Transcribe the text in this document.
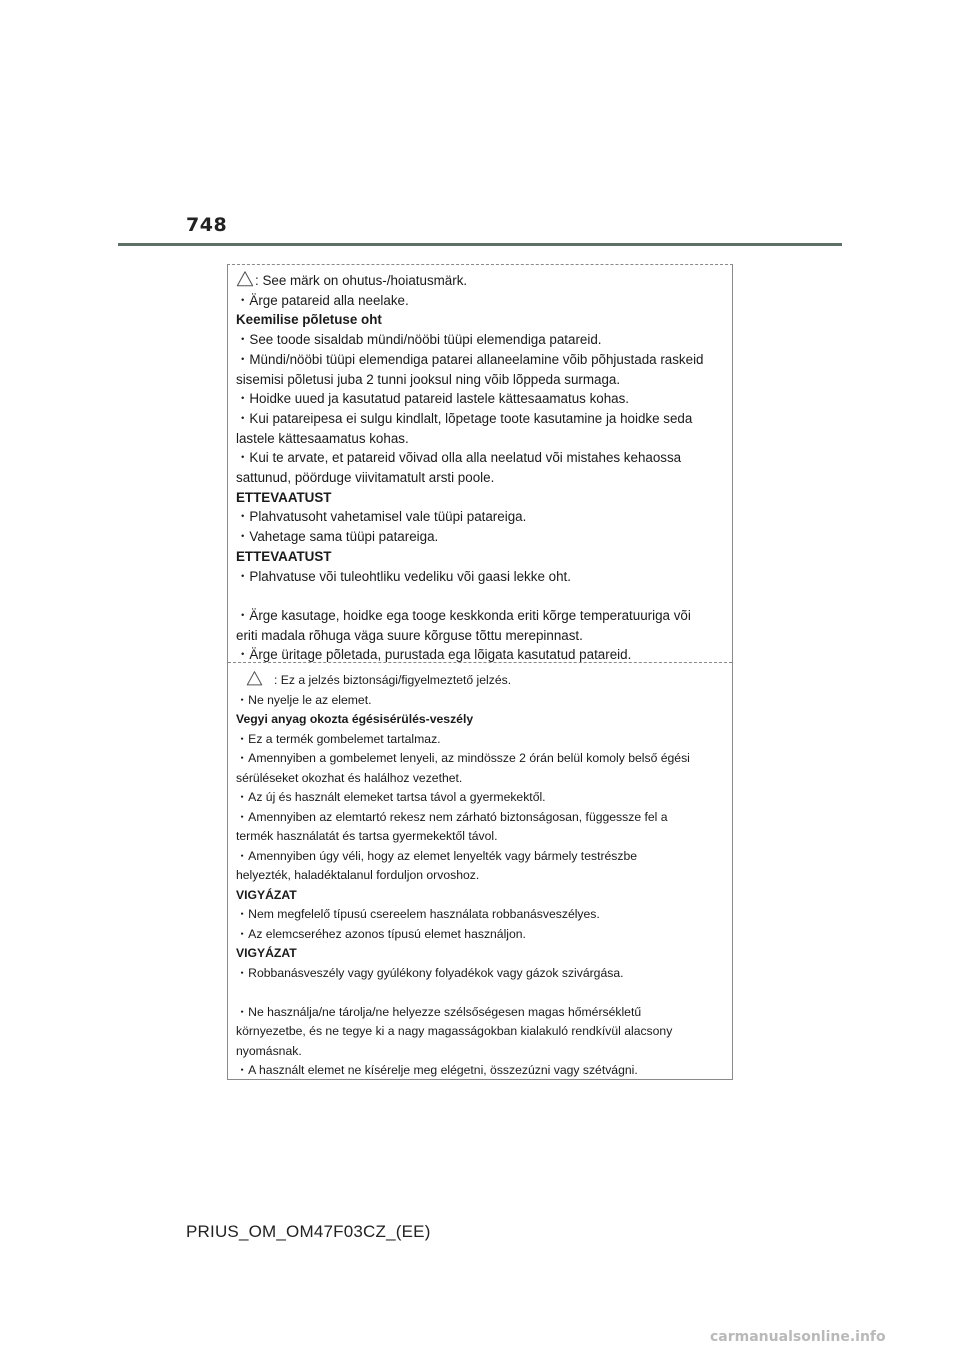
748

: See märk on ohutus-/hoiatusmärk.

・Ärge patareid alla neelake.

Keemilise põletuse oht

・See toode sisaldab mündi/nööbi tüüpi elemendiga patareid.

・Mündi/nööbi tüüpi elemendiga patarei allaneelamine võib põhjustada raskeid

sisemisi põletusi juba 2 tunni jooksul ning võib lõppeda surmaga.

・Hoidke uued ja kasutatud patareid lastele kättesaamatus kohas.

・Kui patareipesa ei sulgu kindlalt, lõpetage toote kasutamine ja hoidke seda

lastele kättesaamatus kohas.

・Kui te arvate, et patareid võivad olla alla neelatud või mistahes kehaossa

sattunud, pöörduge viivitamatult arsti poole.

ETTEVAATUST

・Plahvatusoht vahetamisel vale tüüpi patareiga.

・Vahetage sama tüüpi patareiga.

ETTEVAATUST

・Plahvatuse või tuleohtliku vedeliku või gaasi lekke oht.

・Ärge kasutage, hoidke ega tooge keskkonda eriti kõrge temperatuuriga või

eriti madala rõhuga väga suure kõrguse tõttu merepinnast.

・Ärge üritage põletada, purustada ega lõigata kasutatud patareid.

: Ez a jelzés biztonsági/figyelmeztető jelzés.

・Ne nyelje le az elemet.

Vegyi anyag okozta égésisérülés-veszély

・Ez a termék gombelemet tartalmaz.

・Amennyiben a gombelemet lenyeli, az mindössze 2 órán belül komoly belső égési

sérüléseket okozhat és halálhoz vezethet.

・Az új és használt elemeket tartsa távol a gyermekektől.

・Amennyiben az elemtartó rekesz nem zárható biztonságosan, függessze fel a

termék használatát és tartsa gyermekektől távol.

・Amennyiben úgy véli, hogy az elemet lenyelték vagy bármely testrészbe

helyezték, haladéktalanul forduljon orvoshoz.

VIGYÁZAT

・Nem megfelelő típusú csereelem használata robbanásveszélyes.

・Az elemcseréhez azonos típusú elemet használjon.

VIGYÁZAT

・Robbanásveszély vagy gyúlékony folyadékok vagy gázok szivárgása.

・Ne használja/ne tárolja/ne helyezze szélsőségesen magas hőmérsékletű

környezetbe, és ne tegye ki a nagy magasságokban kialakuló rendkívül alacsony

nyomásnak.

・A használt elemet ne kísérelje meg elégetni, összezúzni vagy szétvágni.

PRIUS_OM_OM47F03CZ_(EE)
carmanualsonline.info
